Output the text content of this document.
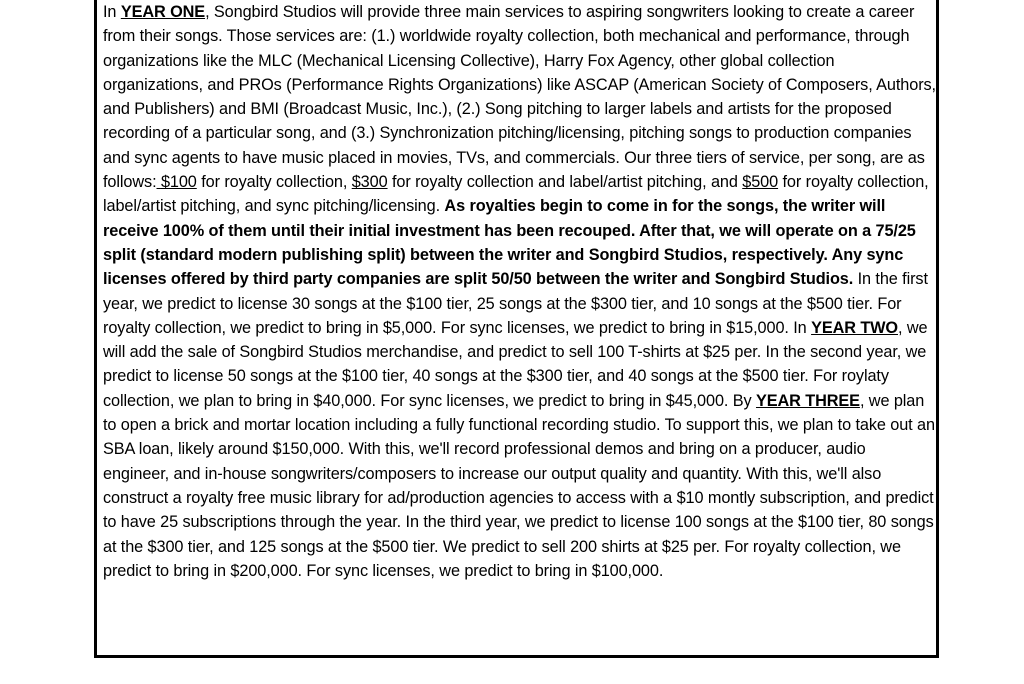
In YEAR ONE, Songbird Studios will provide three main services to aspiring songwriters looking to create a career from their songs. Those services are: (1.) worldwide royalty collection, both mechanical and performance, through organizations like the MLC (Mechanical Licensing Collective), Harry Fox Agency, other global collection organizations, and PROs (Performance Rights Organizations) like ASCAP (American Society of Composers, Authors, and Publishers) and BMI (Broadcast Music, Inc.), (2.) Song pitching to larger labels and artists for the proposed recording of a particular song, and (3.) Synchronization pitching/licensing, pitching songs to production companies and sync agents to have music placed in movies, TVs, and commercials. Our three tiers of service, per song, are as follows: $100 for royalty collection, $300 for royalty collection and label/artist pitching, and $500 for royalty collection, label/artist pitching, and sync pitching/licensing. As royalties begin to come in for the songs, the writer will receive 100% of them until their initial investment has been recouped. After that, we will operate on a 75/25 split (standard modern publishing split) between the writer and Songbird Studios, respectively. Any sync licenses offered by third party companies are split 50/50 between the writer and Songbird Studios. In the first year, we predict to license 30 songs at the $100 tier, 25 songs at the $300 tier, and 10 songs at the $500 tier. For royalty collection, we predict to bring in $5,000. For sync licenses, we predict to bring in $15,000. In YEAR TWO, we will add the sale of Songbird Studios merchandise, and predict to sell 100 T-shirts at $25 per. In the second year, we predict to license 50 songs at the $100 tier, 40 songs at the $300 tier, and 40 songs at the $500 tier. For roylaty collection, we plan to bring in $40,000. For sync licenses, we predict to bring in $45,000. By YEAR THREE, we plan to open a brick and mortar location including a fully functional recording studio. To support this, we plan to take out an SBA loan, likely around $150,000. With this, we'll record professional demos and bring on a producer, audio engineer, and in-house songwriters/composers to increase our output quality and quantity. With this, we'll also construct a royalty free music library for ad/production agencies to access with a $10 montly subscription, and predict to have 25 subscriptions through the year. In the third year, we predict to license 100 songs at the $100 tier, 80 songs at the $300 tier, and 125 songs at the $500 tier. We predict to sell 200 shirts at $25 per. For royalty collection, we predict to bring in $200,000. For sync licenses, we predict to bring in $100,000.
